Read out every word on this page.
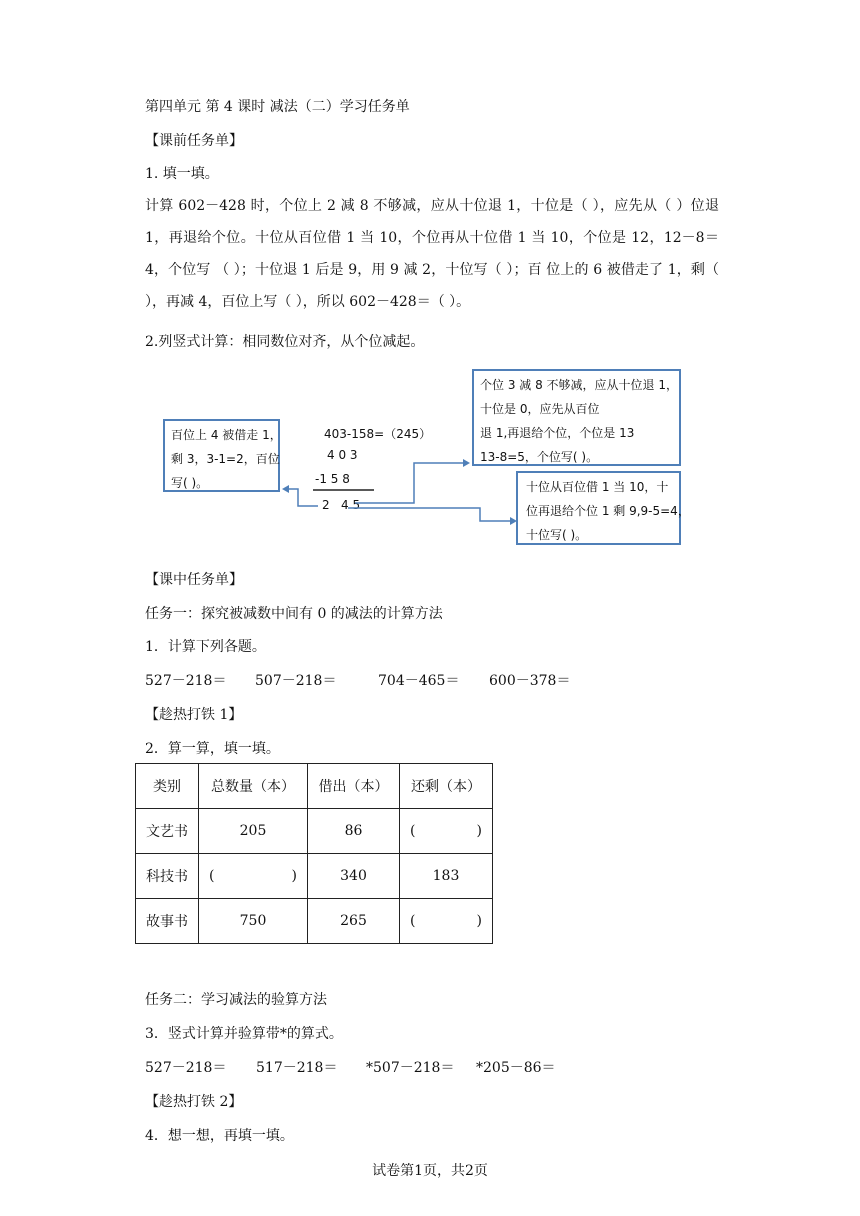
第四单元 第 4 课时 减法（二）学习任务单
【课前任务单】
1. 填一填。
计算 602－428 时，个位上 2 减 8 不够减，应从十位退 1，十位是（ ），应先从（ ）位退 1，再退给个位。十位从百位借 1 当 10，个位再从十位借 1 当 10，个位是 12，12－8＝4，个位写 （ ）；十位退 1 后是 9，用 9 减 2，十位写（ ）；百 位上的 6 被借走了 1，剩（ ），再减 4，百位上写（ ），所以 602－428＝（ ）。
2.列竖式计算：相同数位对齐，从个位减起。
百位上 4 被借走 1，
剩 3，3-1=2，百位
写( )。
403-158=（245）
4 0 3
-1 5 8
2 4 5
个位 3 减 8 不够减，应从十位退 1，
十位是 0，应先从百位
退 1,再退给个位，个位是 13
13-8=5，个位写( )。
十位从百位借 1 当 10，十
位再退给个位 1 剩 9,9-5=4，
十位写( )。
【课中任务单】
任务一：探究被减数中间有 0 的减法的计算方法
1．计算下列各题。
527－218＝ 507－218＝	704－465＝ 600－378＝
【趁热打铁 1】
2．算一算，填一填。
类别	总数量（本）	借出（本）	还剩（本）
文艺书	205	86	( )

科技书	( )	340	183
故事书	750	265	( )
任务二：学习减法的验算方法
3．竖式计算并验算带*的算式。
527－218＝ 517－218＝ *507－218＝ *205－86＝
【趁热打铁 2】
4．想一想，再填一填。
试卷第1页，共2页
